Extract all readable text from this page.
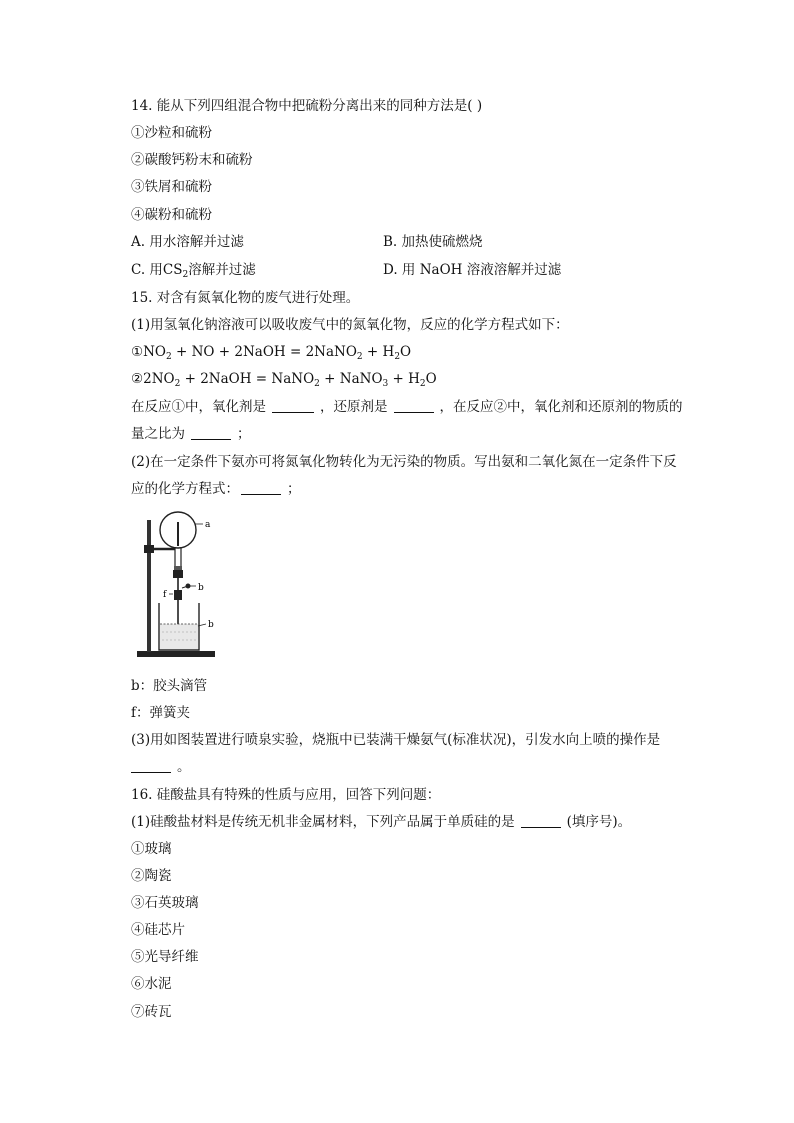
14. 能从下列四组混合物中把硫粉分离出来的同种方法是( )
①沙粒和硫粉
②碳酸钙粉末和硫粉
③铁屑和硫粉
④碳粉和硫粉
A. 用水溶解并过滤	B. 加热使硫燃烧
C. 用$CS_2$溶解并过滤	D. 用 NaOH 溶液溶解并过滤
15. 对含有氮氧化物的废气进行处理。
(1)用氢氧化钠溶液可以吸收废气中的氮氧化物，反应的化学方程式如下：
$①NO_2$ + NO + 2NaOH = 2NaNO$_2$ + $H_2O$
$②2NO_2$ + 2NaOH = NaNO$_2$ + NaNO$_3$ + $H_2O$
在反应①中，氧化剂是	，还原剂是	，在反应②中，氧化剂和还原剂的物质的
量之比为	；
(2)在一定条件下氨亦可将氮氧化物转化为无污染的物质。写出氨和二氧化氮在一定条件下反
应的化学方程式：	；
a
b
f
b
b：胶头滴管
f：弹簧夹
(3)用如图装置进行喷泉实验，烧瓶中已装满干燥氨气(标准状况)，引发水向上喷的操作是
。
16. 硅酸盐具有特殊的性质与应用，回答下列问题：
(1)硅酸盐材料是传统无机非金属材料，下列产品属于单质硅的是	(填序号)。
①玻璃
②陶瓷
③石英玻璃
④硅芯片
⑤光导纤维
⑥水泥
⑦砖瓦
